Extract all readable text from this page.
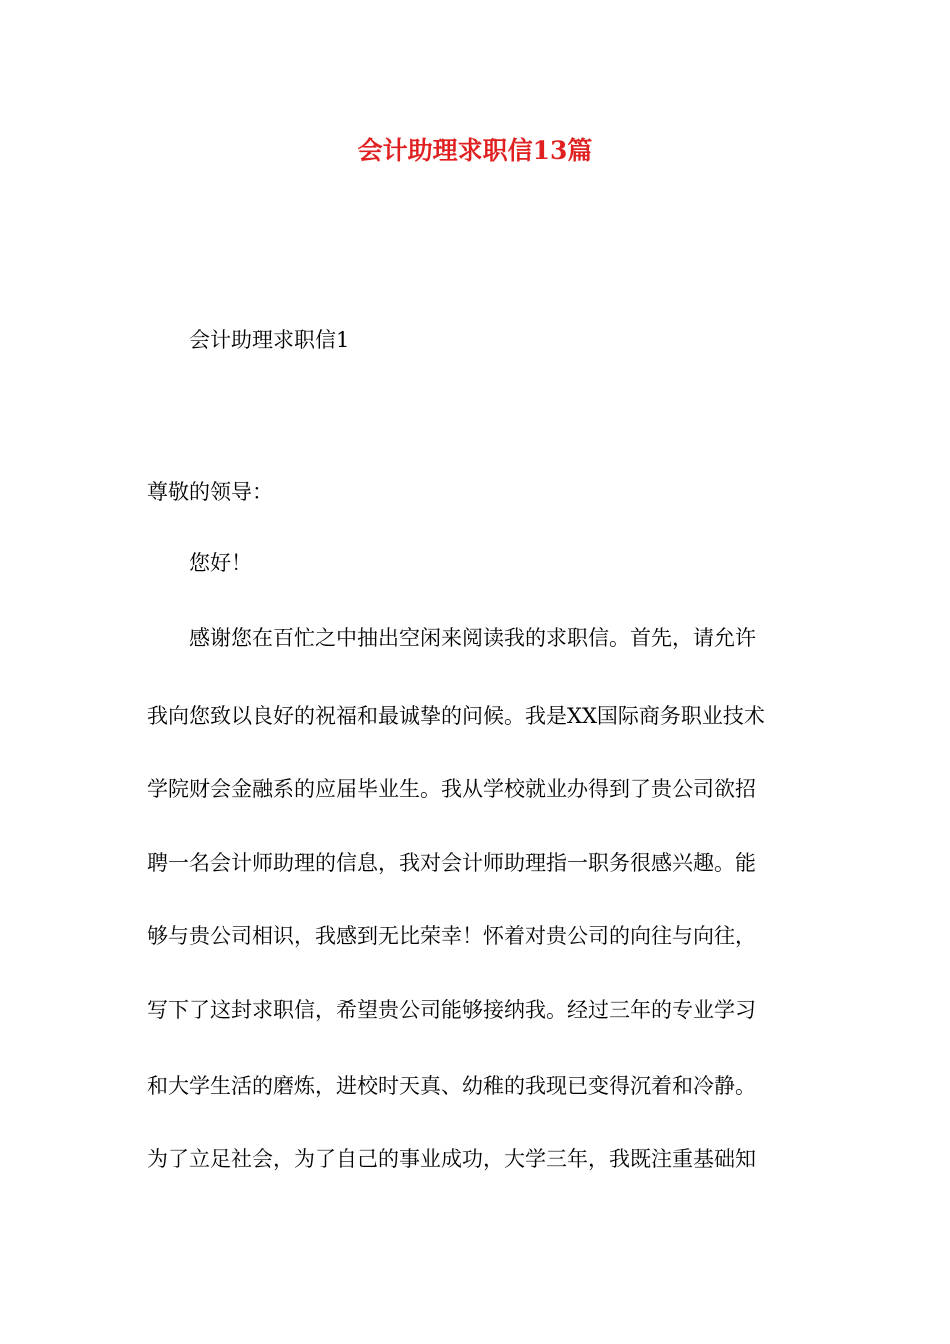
会计助理求职信13篇

会计助理求职信1

尊敬的领导：

您好！

感谢您在百忙之中抽出空闲来阅读我的求职信。首先，请允许

我向您致以良好的祝福和最诚挚的问候。我是XX国际商务职业技术

学院财会金融系的应届毕业生。我从学校就业办得到了贵公司欲招

聘一名会计师助理的信息，我对会计师助理指一职务很感兴趣。能

够与贵公司相识，我感到无比荣幸！怀着对贵公司的向往与向往，

写下了这封求职信，希望贵公司能够接纳我。经过三年的专业学习

和大学生活的磨炼，进校时天真、幼稚的我现已变得沉着和冷静。

为了立足社会，为了自己的事业成功，大学三年，我既注重基础知
